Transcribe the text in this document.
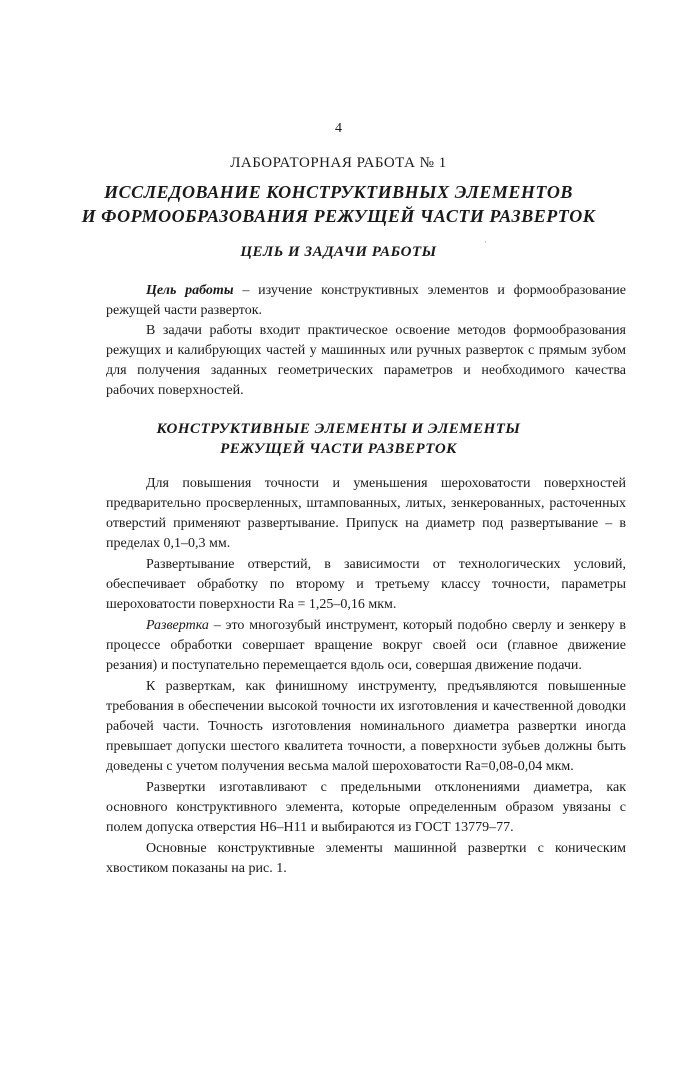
4
ЛАБОРАТОРНАЯ РАБОТА № 1
ИССЛЕДОВАНИЕ КОНСТРУКТИВНЫХ ЭЛЕМЕНТОВ
И ФОРМООБРАЗОВАНИЯ РЕЖУЩЕЙ ЧАСТИ РАЗВЕРТОК
ЦЕЛЬ И ЗАДАЧИ РАБОТЫ	ˈ

Цель работы – изучение конструктивных элементов и формообразование режущей части разверток.

В задачи работы входит практическое освоение методов формообразования режущих и калибрующих частей у машинных или ручных разверток с прямым зубом для получения заданных геометрических параметров и необходимого качества рабочих поверхностей.

КОНСТРУКТИВНЫЕ ЭЛЕМЕНТЫ И ЭЛЕМЕНТЫ
РЕЖУЩЕЙ ЧАСТИ РАЗВЕРТОК

Для повышения точности и уменьшения шероховатости поверхностей предварительно просверленных, штампованных, литых, зенкерованных, расточенных отверстий применяют развертывание. Припуск на диаметр под развертывание – в пределах 0,1–0,3 мм.

Развертывание отверстий, в зависимости от технологических условий, обеспечивает обработку по второму и третьему классу точности, параметры шероховатости поверхности Ra = 1,25–0,16 мкм.

Развертка – это многозубый инструмент, который подобно сверлу и зенкеру в процессе обработки совершает вращение вокруг своей оси (главное движение резания) и поступательно перемещается вдоль оси, совершая движение подачи.

К разверткам, как финишному инструменту, предъявляются повышенные требования в обеспечении высокой точности их изготовления и качественной доводки рабочей части. Точность изготовления номинального диаметра развертки иногда превышает допуски шестого квалитета точности, а поверхности зубьев должны быть доведены с учетом получения весьма малой шероховатости Ra=0,08-0,04 мкм.

Развертки изготавливают с предельными отклонениями диаметра, как основного конструктивного элемента, которые определенным образом увязаны с полем допуска отверстия Н6–Н11 и выбираются из ГОСТ 13779–77.

Основные конструктивные элементы машинной развертки с коническим хвостиком показаны на рис. 1.
